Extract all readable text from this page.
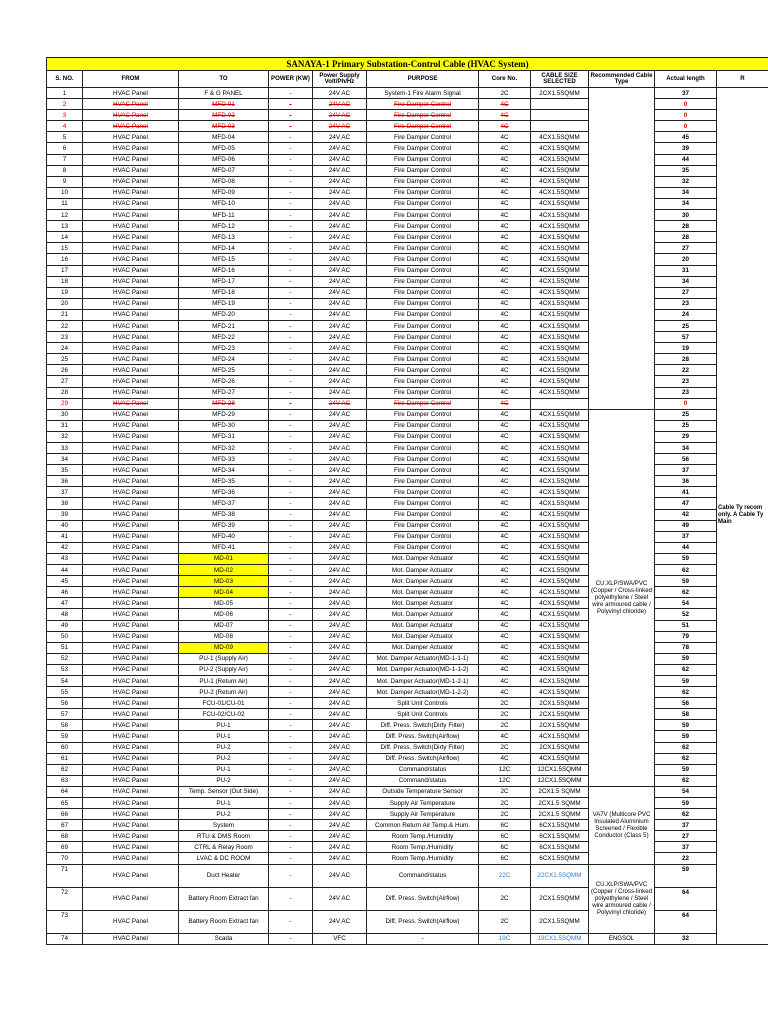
SANAYA-1 Primary Substation-Control Cable (HVAC System)										
S. NO.	FROM	TO	POWER (KW)	Power Supply Volt/Ph/Hz	PURPOSE	Core No.	CABLE SIZE SELECTED	Recommended Cable Type	Actual length	R
1	HVAC Panel	F & G PANEL	-	24V AC	System-1 Fire Alarm Signal	2C	2CX1.5SQMM		37	Cable Ty recom only. A Cable Ty Main
2	HVAC Panel	MFD-01	-	24V AC	Fire Damper Control	4C			0	
3	HVAC Panel	MFD-02	-	24V AC	Fire Damper Control	4C			0	
4	HVAC Panel	MFD-03	-	24V AC	Fire Damper Control	4C			0	
5	HVAC Panel	MFD-04	-	24V AC	Fire Damper Control	4C	4CX1.5SQMM		45	
6	HVAC Panel	MFD-05	-	24V AC	Fire Damper Control	4C	4CX1.5SQMM		39	
7	HVAC Panel	MFD-06	-	24V AC	Fire Damper Control	4C	4CX1.5SQMM		44	
8	HVAC Panel	MFD-07	-	24V AC	Fire Damper Control	4C	4CX1.5SQMM		35	
9	HVAC Panel	MFD-08	-	24V AC	Fire Damper Control	4C	4CX1.5SQMM		32	
10	HVAC Panel	MFD-09	-	24V AC	Fire Damper Control	4C	4CX1.5SQMM		34	
11	HVAC Panel	MFD-10	-	24V AC	Fire Damper Control	4C	4CX1.5SQMM		34	
12	HVAC Panel	MFD-11	-	24V AC	Fire Damper Control	4C	4CX1.5SQMM		30	
13	HVAC Panel	MFD-12	-	24V AC	Fire Damper Control	4C	4CX1.5SQMM		28	
14	HVAC Panel	MFD-13	-	24V AC	Fire Damper Control	4C	4CX1.5SQMM		28	
15	HVAC Panel	MFD-14	-	24V AC	Fire Damper Control	4C	4CX1.5SQMM		27	
16	HVAC Panel	MFD-15	-	24V AC	Fire Damper Control	4C	4CX1.5SQMM		20	
17	HVAC Panel	MFD-16	-	24V AC	Fire Damper Control	4C	4CX1.5SQMM		31	
18	HVAC Panel	MFD-17	-	24V AC	Fire Damper Control	4C	4CX1.5SQMM		34	
19	HVAC Panel	MFD-18	-	24V AC	Fire Damper Control	4C	4CX1.5SQMM		27	
20	HVAC Panel	MFD-19	-	24V AC	Fire Damper Control	4C	4CX1.5SQMM		23	
21	HVAC Panel	MFD-20	-	24V AC	Fire Damper Control	4C	4CX1.5SQMM		24	
22	HVAC Panel	MFD-21	-	24V AC	Fire Damper Control	4C	4CX1.5SQMM		25	
23	HVAC Panel	MFD-22	-	24V AC	Fire Damper Control	4C	4CX1.5SQMM		57	
24	HVAC Panel	MFD-23	-	24V AC	Fire Damper Control	4C	4CX1.5SQMM		19	
25	HVAC Panel	MFD-24	-	24V AC	Fire Damper Control	4C	4CX1.5SQMM		28	
26	HVAC Panel	MFD-25	-	24V AC	Fire Damper Control	4C	4CX1.5SQMM		22	
27	HVAC Panel	MFD-26	-	24V AC	Fire Damper Control	4C	4CX1.5SQMM		23	
28	HVAC Panel	MFD-27	-	24V AC	Fire Damper Control	4C	4CX1.5SQMM		23	
29	HVAC Panel	MFD-28	-	24V AC	Fire Damper Control	4C			0	
30	HVAC Panel	MFD-29	-	24V AC	Fire Damper Control	4C	4CX1.5SQMM	CU.XLP/SWA/PVC (Copper / Cross-linked polyethylene / Steel wire armoured cable / Polyvinyl chloride)	25	
31	HVAC Panel	MFD-30	-	24V AC	Fire Damper Control	4C	4CX1.5SQMM		25	
32	HVAC Panel	MFD-31	-	24V AC	Fire Damper Control	4C	4CX1.5SQMM		29	
33	HVAC Panel	MFD-32	-	24V AC	Fire Damper Control	4C	4CX1.5SQMM		34	
34	HVAC Panel	MFD-33	-	24V AC	Fire Damper Control	4C	4CX1.5SQMM		56	
35	HVAC Panel	MFD-34	-	24V AC	Fire Damper Control	4C	4CX1.5SQMM		37	
36	HVAC Panel	MFD-35	-	24V AC	Fire Damper Control	4C	4CX1.5SQMM		36	
37	HVAC Panel	MFD-36	-	24V AC	Fire Damper Control	4C	4CX1.5SQMM		41	
38	HVAC Panel	MFD-37	-	24V AC	Fire Damper Control	4C	4CX1.5SQMM		47	
39	HVAC Panel	MFD-38	-	24V AC	Fire Damper Control	4C	4CX1.5SQMM		42	
40	HVAC Panel	MFD-39	-	24V AC	Fire Damper Control	4C	4CX1.5SQMM		49	
41	HVAC Panel	MFD-40	-	24V AC	Fire Damper Control	4C	4CX1.5SQMM		37	
42	HVAC Panel	MFD-41	-	24V AC	Fire Damper Control	4C	4CX1.5SQMM		44	
43	HVAC Panel	MD-01	-	24V AC	Mot. Damper Actuator	4C	4CX1.5SQMM		59	
44	HVAC Panel	MD-02	-	24V AC	Mot. Damper Actuator	4C	4CX1.5SQMM		62	
45	HVAC Panel	MD-03	-	24V AC	Mot. Damper Actuator	4C	4CX1.5SQMM		59	
46	HVAC Panel	MD-04	-	24V AC	Mot. Damper Actuator	4C	4CX1.5SQMM		62	
47	HVAC Panel	MD-05	-	24V AC	Mot. Damper Actuator	4C	4CX1.5SQMM		54	
48	HVAC Panel	MD-06	-	24V AC	Mot. Damper Actuator	4C	4CX1.5SQMM		52	
49	HVAC Panel	MD-07	-	24V AC	Mot. Damper Actuator	4C	4CX1.5SQMM		51	
50	HVAC Panel	MD-08	-	24V AC	Mot. Damper Actuator	4C	4CX1.5SQMM		79	
51	HVAC Panel	MD-09	-	24V AC	Mot. Damper Actuator	4C	4CX1.5SQMM		78	
52	HVAC Panel	PU-1 (Supply Air)	-	24V AC	Mot. Damper Actuator(MD-1-1-1)	4C	4CX1.5SQMM		59	
53	HVAC Panel	PU-2 (Supply Air)	-	24V AC	Mot. Damper Actuator(MD-1-1-2)	4C	4CX1.5SQMM		62	
54	HVAC Panel	PU-1 (Return Air)	-	24V AC	Mot. Damper Actuator(MD-1-2-1)	4C	4CX1.5SQMM		59	
55	HVAC Panel	PU-2 (Return Air)	-	24V AC	Mot. Damper Actuator(MD-1-2-2)	4C	4CX1.5SQMM		62	
56	HVAC Panel	FCU-01/CU-01	-	24V AC	Split Unit Controls	2C	2CX1.5SQMM		56	
57	HVAC Panel	FCU-02/CU-02	-	24V AC	Split Unit Controls	2C	2CX1.5SQMM		58	
58	HVAC Panel	PU-1	-	24V AC	Diff. Press. Switch(Dirty Filter)	2C	2CX1.5SQMM		59	
59	HVAC Panel	PU-1	-	24V AC	Diff. Press. Switch(Airflow)	4C	4CX1.5SQMM		59	
60	HVAC Panel	PU-2	-	24V AC	Diff. Press. Switch(Dirty Filter)	2C	2CX1.5SQMM		62	
61	HVAC Panel	PU-2	-	24V AC	Diff. Press. Switch(Airflow)	4C	4CX1.5SQMM		62	
62	HVAC Panel	PU-1	-	24V AC	Command/status	12C	12CX1.5SQMM		59	
63	HVAC Panel	PU-2	-	24V AC	Command/status	12C	12CX1.5SQMM		62	
64	HVAC Panel	Temp. Sensor (Out Side)	-	24V AC	Outside Temperature Sensor	2C	2CX1.5 SQMM	VA7V (Multicore PVC Insulated Aluminium Screened / Flexible Conductor (Class 5)	54	
65	HVAC Panel	PU-1	-	24V AC	Supply Air Temperature	2C	2CX1.5 SQMM		59	
66	HVAC Panel	PU-2	-	24V AC	Supply Air Temperature	2C	2CX1.5 SQMM		62	
67	HVAC Panel	System	-	24V AC	Common Return Air Temp.& Hum.	6C	6CX1.5SQMM		37	
68	HVAC Panel	RTU & DMS Room	-	24V AC	Room Temp./Humidity	6C	6CX1.5SQMM		27	
69	HVAC Panel	CTRL & Relay Room	-	24V AC	Room Temp./Humidity	6C	6CX1.5SQMM		37	
70	HVAC Panel	LVAC & DC ROOM	-	24V AC	Room Temp./Humidity	6C	6CX1.5SQMM		22	
71	HVAC Panel	Duct Heater	-	24V AC	Command/status	22C	22CX1.5SQMM	CU.XLP/SWA/PVC (Copper / Cross-linked polyethylene / Steel wire armoured cable / Polyvinyl chloride)	59	
72	HVAC Panel	Battery Room Extract fan	-	24V AC	Diff. Press. Switch(Airflow)	2C	2CX1.5SQMM		64	
73	HVAC Panel	Battery Room Extract fan	-	24V AC	Diff. Press. Switch(Airflow)	2C	2CX1.5SQMM		64	
74	HVAC Panel	Scada	-	VFC	-	19C	19CX1.5SQMM	ENGSOL	32	
